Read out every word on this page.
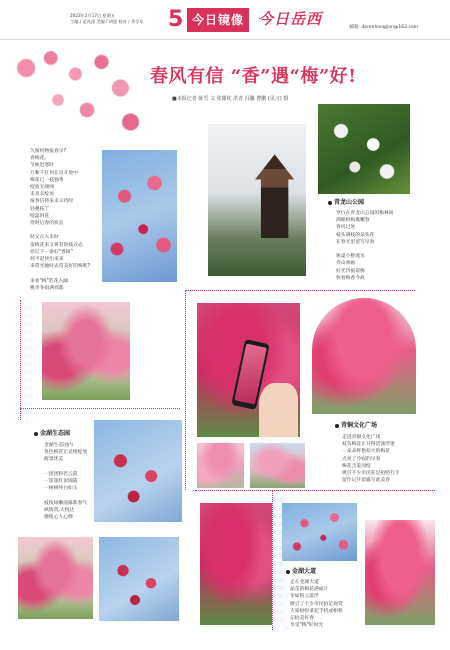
2023年2月17日 星期五
主编 / 范兆逸 美编 / 胡恩 校对 / 季学东	5 今日镜像 今日岳西	邮箱: dpnmhongjian@163.com
春风有信 “香”遇“梅”好!
■本报记者 陈雪 文 张滕钦 洪青 冯馨 曹鹏 (见习) 摄
久闻何物报春早?
青梅花,
节候迟寒时
万紫千红何在尽开放中
梅花已一枝独秀
绽放无端闻
未及未绽放
报春信将来未示待时
轻叠枝丫
绽蕊时花
待时后春的状态

时又正入未时
雷梅花来又将有的枝式态
但记下一条好"香线"
何不赶快出来来
来赏光抽时去赏美好的梅呢?

来看"梅"若花入邮
桃李冬雨满郊都
青龙山公园
穿行在青龙山公园的梅林间
满眼粉梅裹嫩春
春风过处
枝头满枝的朵头花
在春光里留写早春

休桌小桥流水
乔山翠画
好光待振谊梅
快看梅香今故
金湖生态园
金湖生态园内
各色梅花正竞相绽放
俯景优美

一团团粉若云霞
一簇簇红似锦霞
一树树纯白如玉

枝枝绿嫩面露新春气
纵情赏,大悦达
撩拨心人心脾
青铜文化广场
走进青铜文化广场
枝头梅花正开得活泼浮迷
一朵朵鲜艳似火的梅花
点亮了冷寂的早春
梅花含羞而绽
吸引不少市民驻足拍照打卡
留作记住留露写此美春
金湖大道
走在金湖大道
晶莹的梅花满成片
冬如粉云落浮
吸引了不少市民拍足观赏
大家纷纷拿起手机或相机
记拍美好春
享受"梅"好时光
